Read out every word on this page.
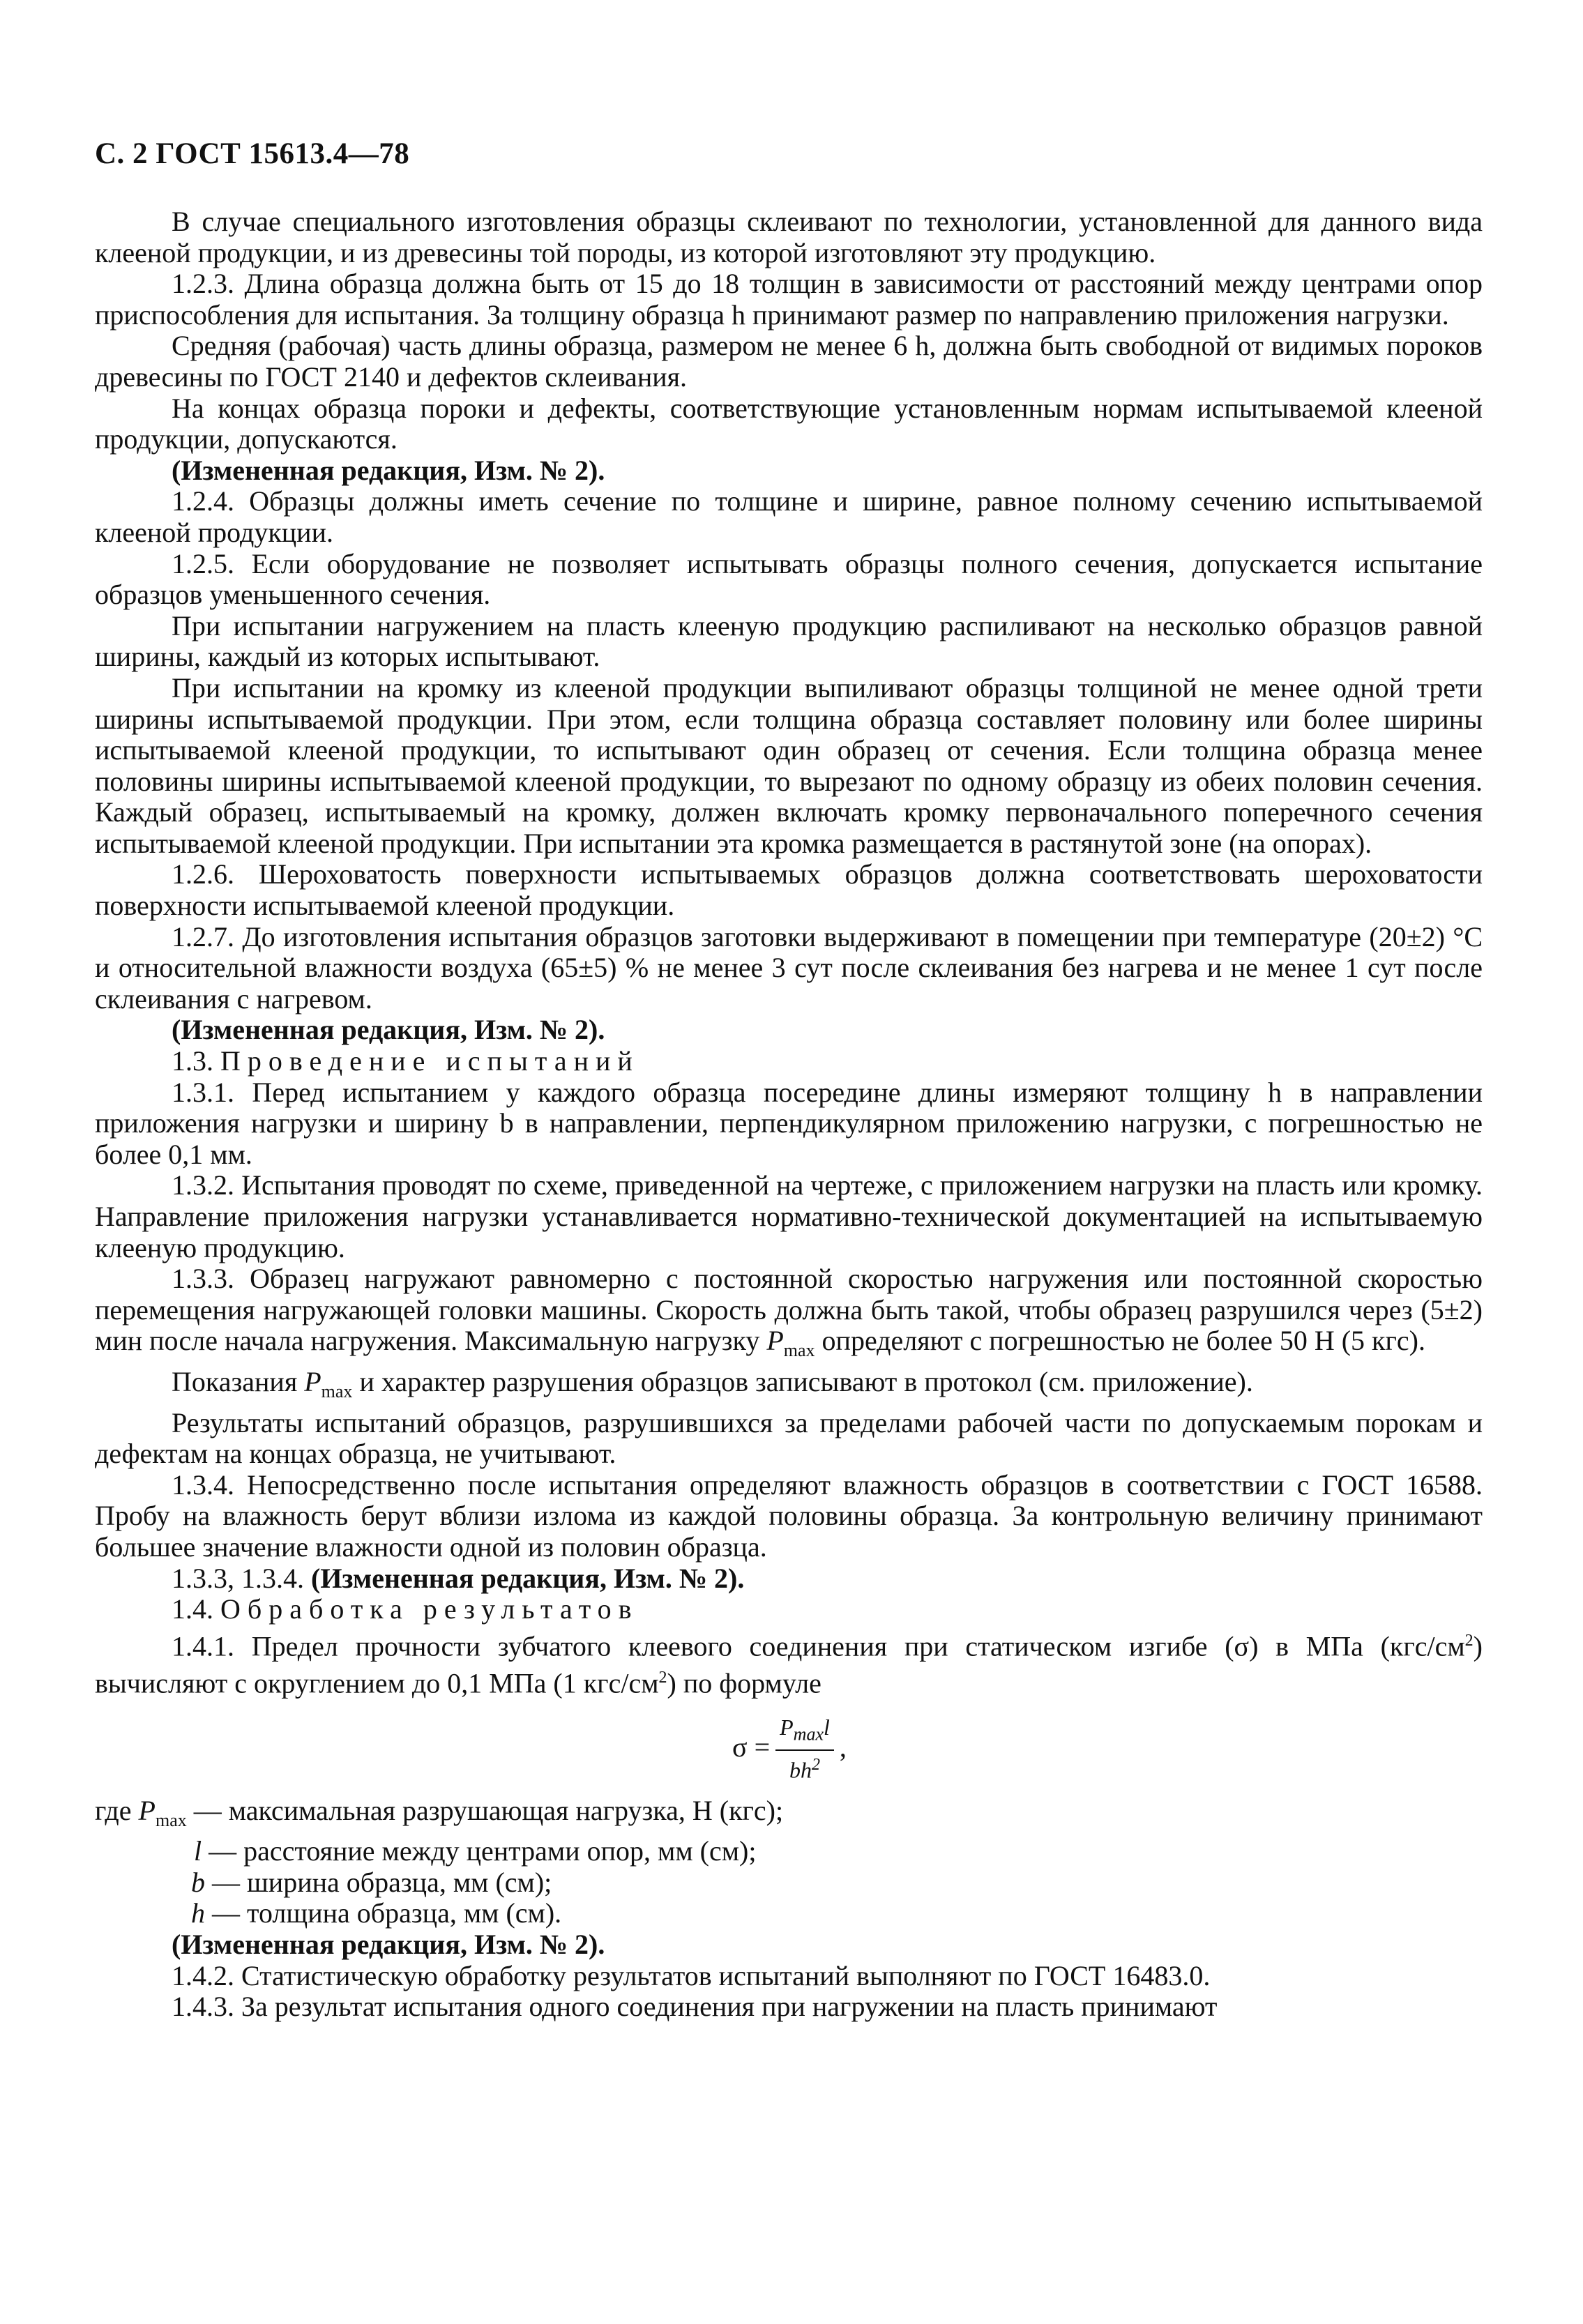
С. 2 ГОСТ 15613.4—78

В случае специального изготовления образцы склеивают по технологии, установленной для данного вида клееной продукции, и из древесины той породы, из которой изготовляют эту продукцию.

1.2.3. Длина образца должна быть от 15 до 18 толщин в зависимости от расстояний между центрами опор приспособления для испытания. За толщину образца h принимают размер по направлению приложения нагрузки.

Средняя (рабочая) часть длины образца, размером не менее 6 h, должна быть свободной от видимых пороков древесины по ГОСТ 2140 и дефектов склеивания.

На концах образца пороки и дефекты, соответствующие установленным нормам испытываемой клееной продукции, допускаются.

(Измененная редакция, Изм. № 2).

1.2.4. Образцы должны иметь сечение по толщине и ширине, равное полному сечению испытываемой клееной продукции.

1.2.5. Если оборудование не позволяет испытывать образцы полного сечения, допускается испытание образцов уменьшенного сечения.

При испытании нагружением на пласть клееную продукцию распиливают на несколько образцов равной ширины, каждый из которых испытывают.

При испытании на кромку из клееной продукции выпиливают образцы толщиной не менее одной трети ширины испытываемой продукции. При этом, если толщина образца составляет половину или более ширины испытываемой клееной продукции, то испытывают один образец от сечения. Если толщина образца менее половины ширины испытываемой клееной продукции, то вырезают по одному образцу из обеих половин сечения. Каждый образец, испытываемый на кромку, должен включать кромку первоначального поперечного сечения испытываемой клееной продукции. При испытании эта кромка размещается в растянутой зоне (на опорах).

1.2.6. Шероховатость поверхности испытываемых образцов должна соответствовать шероховатости поверхности испытываемой клееной продукции.

1.2.7. До изготовления испытания образцов заготовки выдерживают в помещении при температуре (20±2) °С и относительной влажности воздуха (65±5) % не менее 3 сут после склеивания без нагрева и не менее 1 сут после склеивания с нагревом.

(Измененная редакция, Изм. № 2).

1.3. Проведение испытаний

1.3.1. Перед испытанием у каждого образца посередине длины измеряют толщину h в направлении приложения нагрузки и ширину b в направлении, перпендикулярном приложению нагрузки, с погрешностью не более 0,1 мм.

1.3.2. Испытания проводят по схеме, приведенной на чертеже, с приложением нагрузки на пласть или кромку. Направление приложения нагрузки устанавливается нормативно-технической документацией на испытываемую клееную продукцию.

1.3.3. Образец нагружают равномерно с постоянной скоростью нагружения или постоянной скоростью перемещения нагружающей головки машины. Скорость должна быть такой, чтобы образец разрушился через (5±2) мин после начала нагружения. Максимальную нагрузку $P_{max}$ определяют с погрешностью не более 50 Н (5 кгс).

Показания $P_{max}$ и характер разрушения образцов записывают в протокол (см. приложение).

Результаты испытаний образцов, разрушившихся за пределами рабочей части по допускаемым порокам и дефектам на концах образца, не учитывают.

1.3.4. Непосредственно после испытания определяют влажность образцов в соответствии с ГОСТ 16588. Пробу на влажность берут вблизи излома из каждой половины образца. За контрольную величину принимают большее значение влажности одной из половин образца.

1.3.3, 1.3.4. (Измененная редакция, Изм. № 2).

1.4. Обработка результатов

1.4.1. Предел прочности зубчатого клеевого соединения при статическом изгибе (σ) в МПа $(кгс/см^2)$ вычисляют с округлением до 0,1 МПа (1 кгс/$см^2$) по формуле

$\sigma = \frac{P_{max}l}{bh^2}$ ,
где $P_{max}$ — максимальная разрушающая нагрузка, Н (кгс);
l — расстояние между центрами опор, мм (см);
b — ширина образца, мм (см);
h — толщина образца, мм (см).

(Измененная редакция, Изм. № 2).

1.4.2. Статистическую обработку результатов испытаний выполняют по ГОСТ 16483.0.

1.4.3. За результат испытания одного соединения при нагружении на пласть принимают
